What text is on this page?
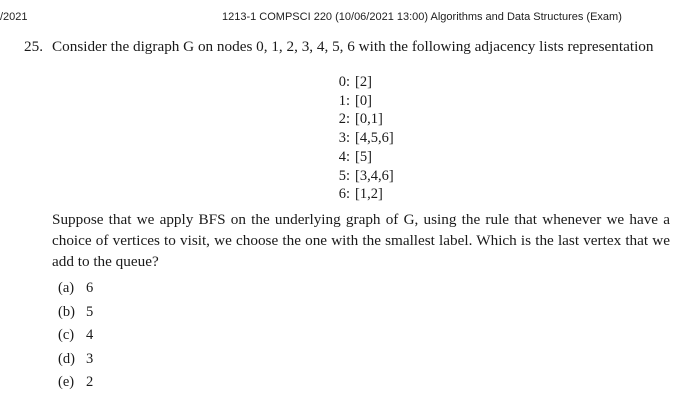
/2021	1213-1 COMPSCI 220 (10/06/2021 13:00) Algorithms and Data Structures (Exam)
25. Consider the digraph G on nodes 0, 1, 2, 3, 4, 5, 6 with the following adjacency lists representation
0: [2]
1: [0]
2: [0,1]
3: [4,5,6]
4: [5]
5: [3,4,6]
6: [1,2]
Suppose that we apply BFS on the underlying graph of G, using the rule that whenever we have a choice of vertices to visit, we choose the one with the smallest label. Which is the last vertex that we add to the queue?
(a) 6
(b) 5
(c) 4
(d) 3
(e) 2
